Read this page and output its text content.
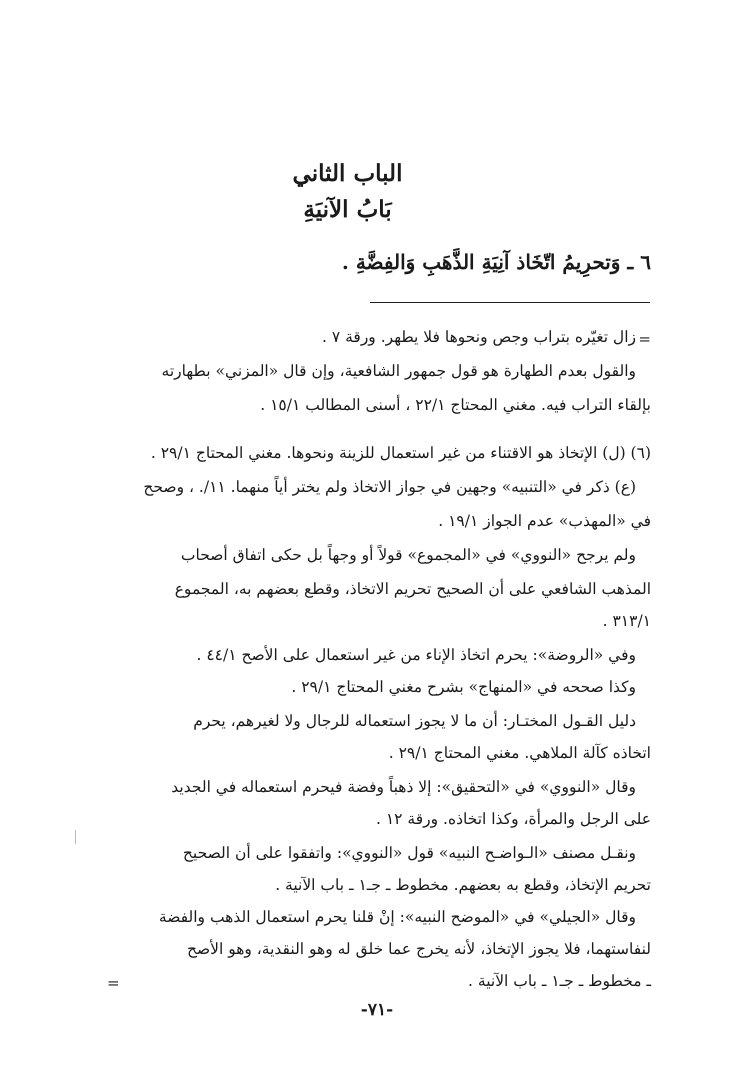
الباب الثاني
بَابُ الآنيَةِ
٦ ـ وَتحرِيمُ اتّخَاذ آنِيَةِ الذَّهَبِ وَالفِضَّةِ .
=
زال تغيّره بتراب وجص ونحوها فلا يطهر. ورقة ٧ .
والقول بعدم الطهارة هو قول جمهور الشافعية، وإن قال «المزني» بطهارته
بإلقاء التراب فيه. مغني المحتاج ٢٢/١ ، أسنى المطالب ١٥/١ .
(٦) (ل) الإتخاذ هو الاقتناء من غير استعمال للزينة ونحوها. مغني المحتاج ٢٩/١ .
(ع) ذكر في «التنبيه» وجهين في جواز الاتخاذ ولم يختر أياً منهما. ١١/. ، وصحح
في «المهذب» عدم الجواز ١٩/١ .
ولم يرجح «النووي» في «المجموع» قولاً أو وجهاً بل حكى اتفاق أصحاب
المذهب الشافعي على أن الصحيح تحريم الاتخاذ، وقطع بعضهم به، المجموع
٣١٣/١ .
وفي «الروضة»: يحرم اتخاذ الإناء من غير استعمال على الأصح ٤٤/١ .
وكذا صححه في «المنهاج» بشرح مغني المحتاج ٢٩/١ .
دليل القـول المختـار: أن ما لا يجوز استعماله للرجال ولا لغيرهم، يحرم
اتخاذه كآلة الملاهي. مغني المحتاج ٢٩/١ .
وقال «النووي» في «التحقيق»: إلا ذهباً وفضة فيحرم استعماله في الجديد
على الرجل والمرأة، وكذا اتخاذه. ورقة ١٢ .
ونقـل مصنف «الـواضـح النبيه» قول «النووي»: واتفقوا على أن الصحيح
تحريم الإتخاذ، وقطع به بعضهم. مخطوط ـ جـ١ ـ باب الآنية .
وقال «الجيلي» في «الموضح النبيه»: إنْ قلنا يحرم استعمال الذهب والفضة
لنفاستهما، فلا يجوز الإتخاذ، لأنه يخرج عما خلق له وهو النقدية، وهو الأصح
ـ مخطوط ـ جـ١ ـ باب الآنية .
=
-٧١-
